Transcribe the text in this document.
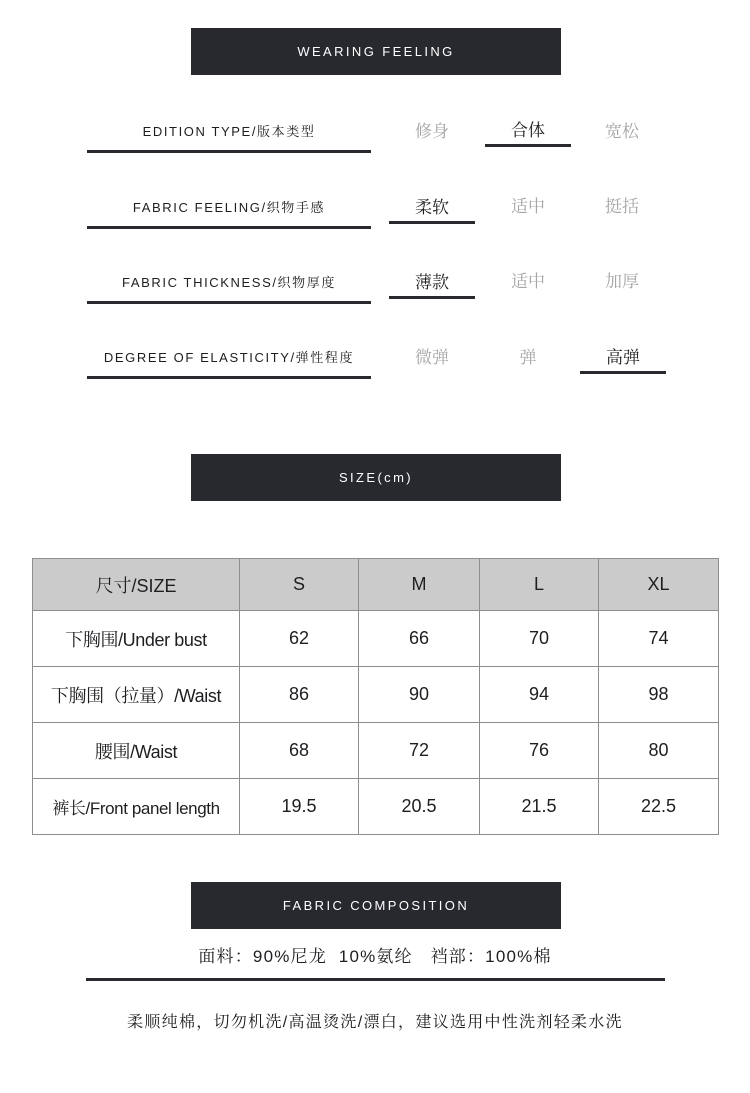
WEARING FEELING
EDITION TYPE/版本类型	修身	合体	宽松
FABRIC FEELING/织物手感	柔软	适中	挺括
FABRIC THICKNESS/织物厚度	薄款	适中	加厚
DEGREE OF ELASTICITY/弹性程度	微弹	弹	高弹
SIZE(cm)
尺寸/SIZE	S	M	L	XL
下胸围/Under bust	62	66	70	74
下胸围（拉量）/Waist	86	90	94	98
腰围/Waist	68	72	76	80
裤长/Front panel length	19.5	20.5	21.5	22.5
FABRIC COMPOSITION
面料：90%尼龙  10%氨纶   裆部：100%棉
柔顺纯棉，切勿机洗/高温烫洗/漂白，建议选用中性洗剂轻柔水洗
